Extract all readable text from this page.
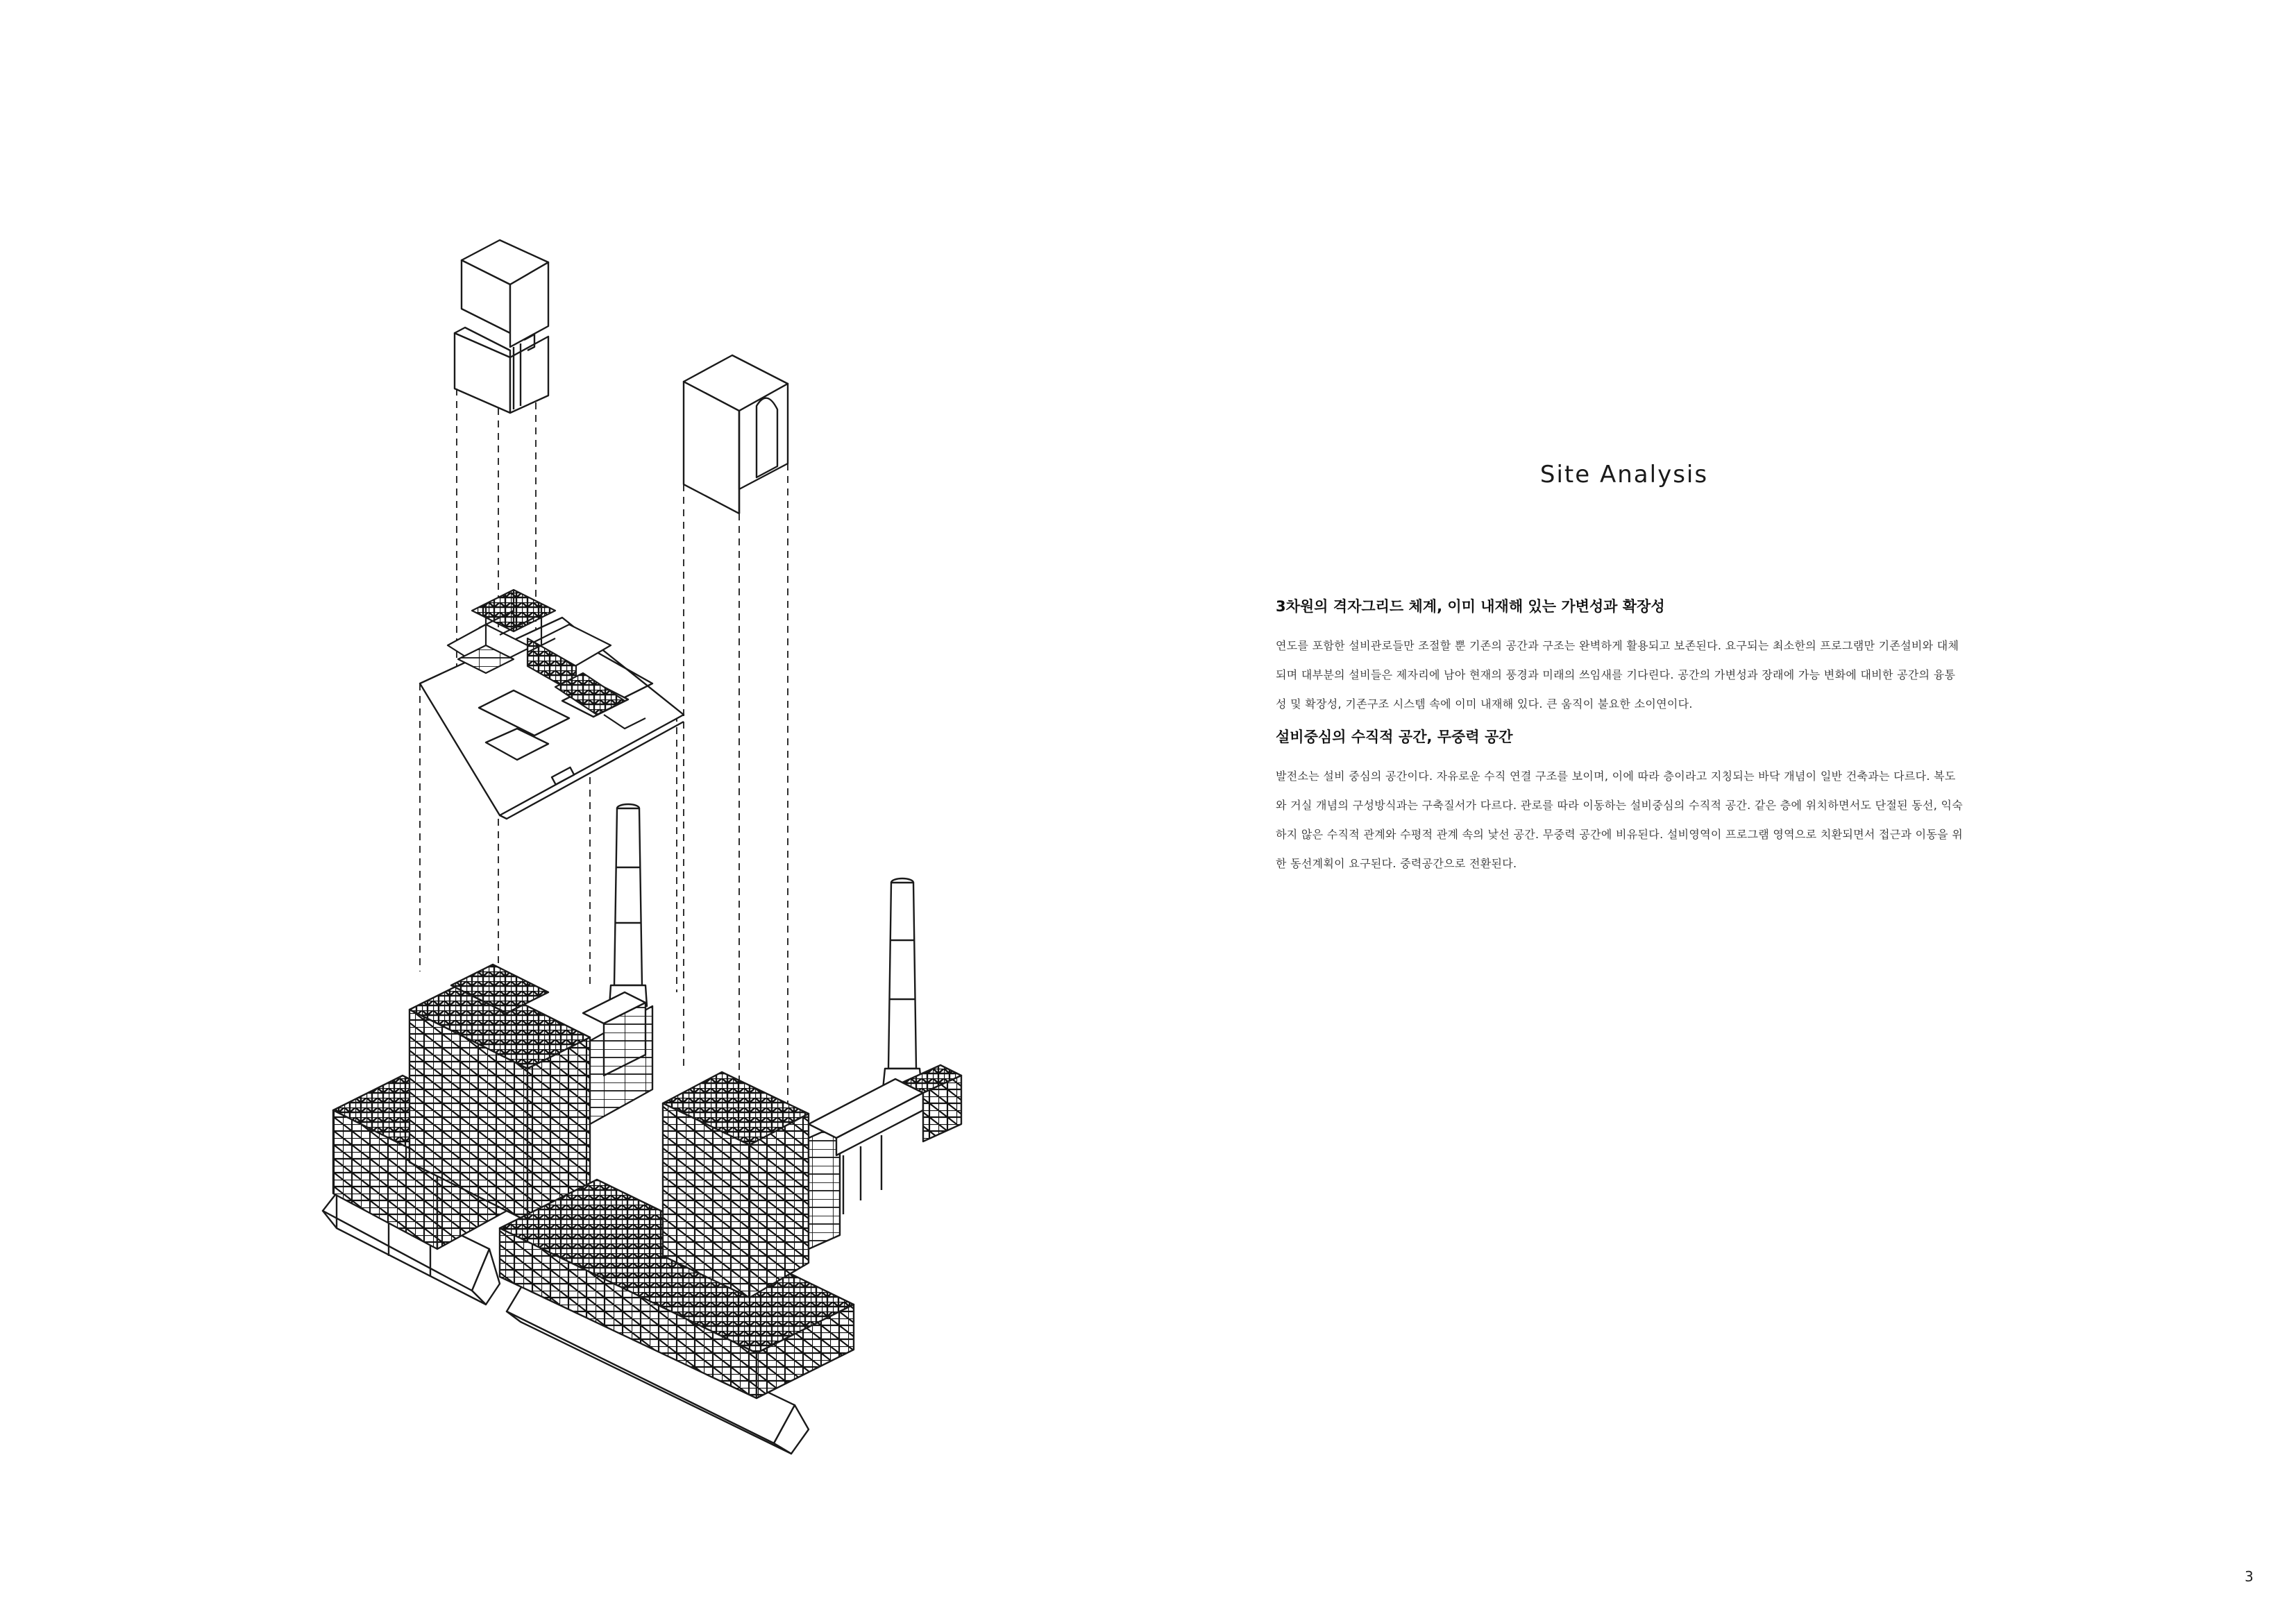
Site Analysis
3차원의 격자그리드 체계, 이미 내재해 있는 가변성과 확장성

연도를 포함한 설비관로들만 조절할 뿐 기존의 공간과 구조는 완벽하게 활용되고 보존된다. 요구되는 최소한의 프로그램만 기존설비와 대체
되며 대부분의 설비들은 제자리에 남아 현재의 풍경과 미래의 쓰임새를 기다린다. 공간의 가변성과 장래에 가능 변화에 대비한 공간의 융통
성 및 확장성, 기존구조 시스템 속에 이미 내재해 있다. 큰 움직이 불요한 소이연이다.

설비중심의 수직적 공간, 무중력 공간

발전소는 설비 중심의 공간이다. 자유로운 수직 연결 구조를 보이며, 이에 따라 층이라고 지칭되는 바닥 개념이 일반 건축과는 다르다. 복도
와 거실 개념의 구성방식과는 구축질서가 다르다. 관로를 따라 이동하는 설비중심의 수직적 공간. 같은 층에 위치하면서도 단절된 동선, 익숙
하지 않은 수직적 관계와 수평적 관계 속의 낯선 공간. 무중력 공간에 비유된다. 설비영역이 프로그램 영역으로 치환되면서 접근과 이동을 위
한 동선계획이 요구된다. 중력공간으로 전환된다.

3
